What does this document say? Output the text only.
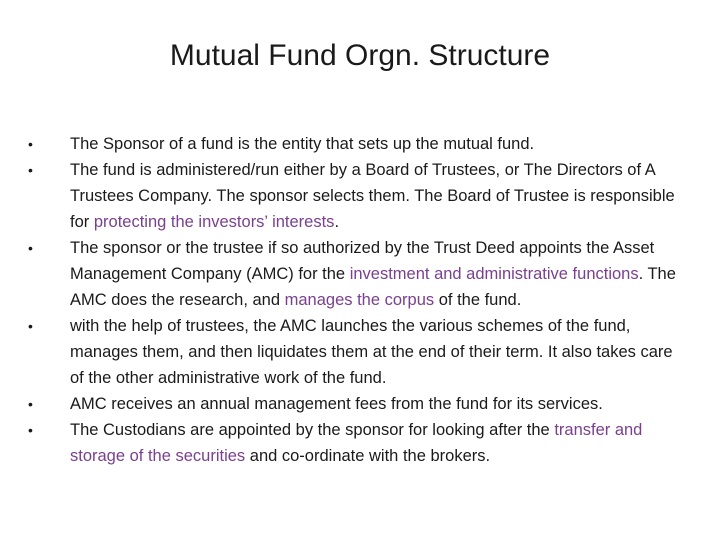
Mutual Fund Orgn. Structure
•	The Sponsor of a fund is the entity that sets up the mutual fund.
•	The fund is administered/run either by a Board of Trustees, or The Directors of A Trustees Company. The sponsor selects them. The Board of Trustee is responsible for protecting the investors’ interests.
•	The sponsor or the trustee if so authorized by the Trust Deed appoints the Asset Management Company (AMC) for the investment and administrative functions. The AMC does the research, and manages the corpus of the fund.
•	with the help of trustees, the AMC launches the various schemes of the fund, manages them, and then liquidates them at the end of their term. It also takes care of the other administrative work of the fund.
•	AMC receives an annual management fees from the fund for its services.
•	The Custodians are appointed by the sponsor for looking after the transfer and storage of the securities and co-ordinate with the brokers.
